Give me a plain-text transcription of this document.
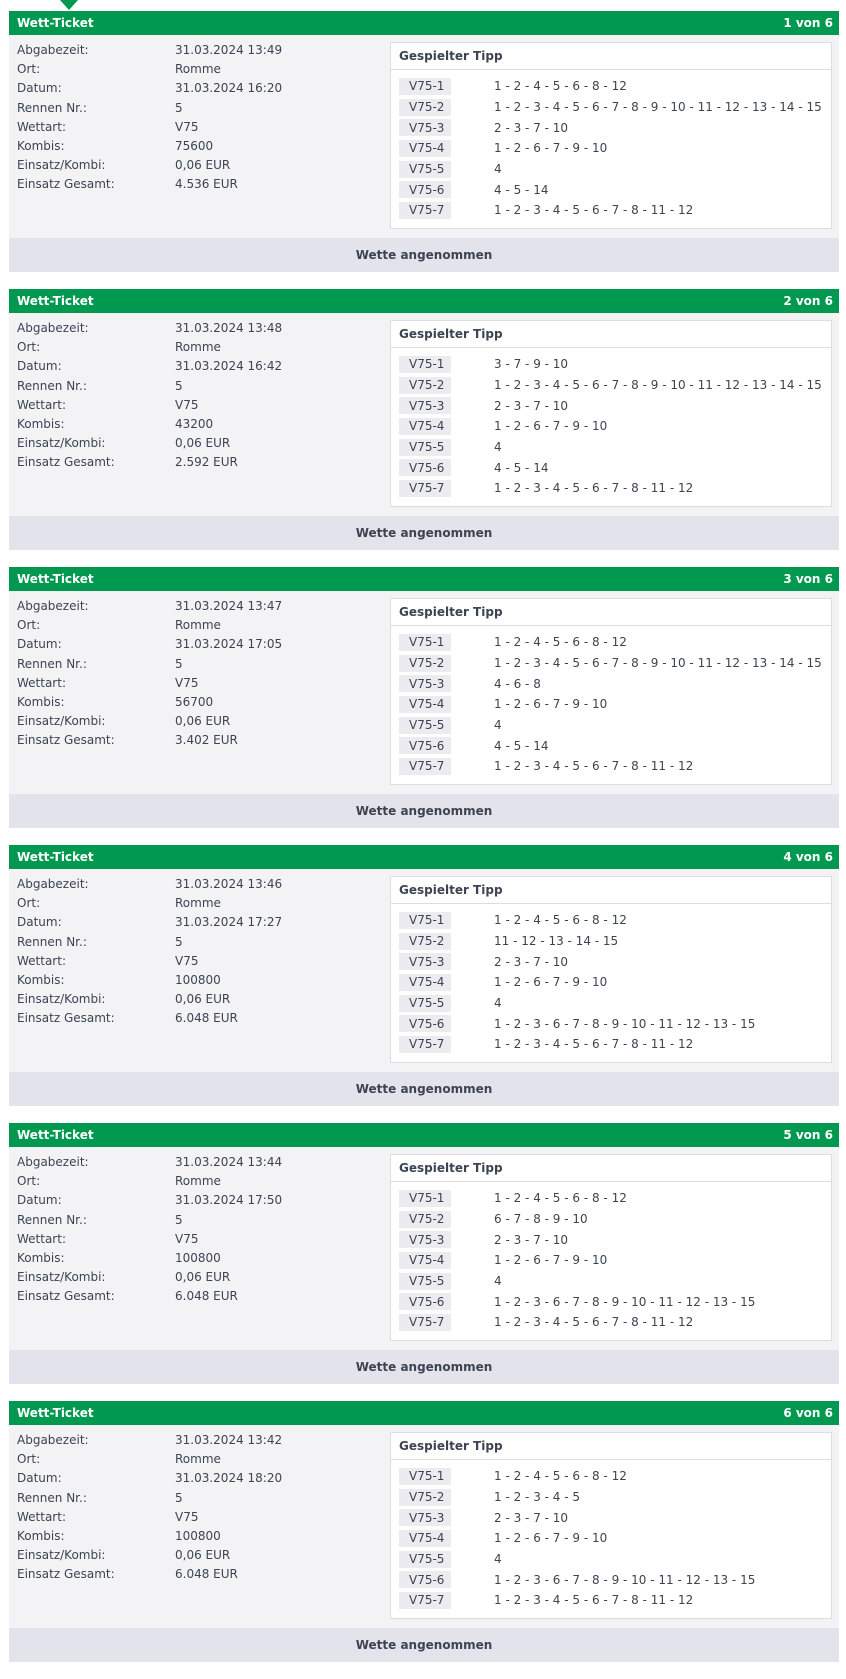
Wett-Ticket	1 von 6
Abgabezeit:	31.03.2024 13:49
Ort:	Romme
Datum:	31.03.2024 16:20
Rennen Nr.:	5
Wettart:	V75
Kombis:	75600
Einsatz/Kombi:	0,06 EUR
Einsatz Gesamt:	4.536 EUR
Gespielter Tipp
V75-1	1 - 2 - 4 - 5 - 6 - 8 - 12
V75-2	1 - 2 - 3 - 4 - 5 - 6 - 7 - 8 - 9 - 10 - 11 - 12 - 13 - 14 - 15
V75-3	2 - 3 - 7 - 10
V75-4	1 - 2 - 6 - 7 - 9 - 10
V75-5	4
V75-6	4 - 5 - 14
V75-7	1 - 2 - 3 - 4 - 5 - 6 - 7 - 8 - 11 - 12
Wette angenommen
Wett-Ticket	2 von 6
Abgabezeit:	31.03.2024 13:48
Ort:	Romme
Datum:	31.03.2024 16:42
Rennen Nr.:	5
Wettart:	V75
Kombis:	43200
Einsatz/Kombi:	0,06 EUR
Einsatz Gesamt:	2.592 EUR
Gespielter Tipp
V75-1	3 - 7 - 9 - 10
V75-2	1 - 2 - 3 - 4 - 5 - 6 - 7 - 8 - 9 - 10 - 11 - 12 - 13 - 14 - 15
V75-3	2 - 3 - 7 - 10
V75-4	1 - 2 - 6 - 7 - 9 - 10
V75-5	4
V75-6	4 - 5 - 14
V75-7	1 - 2 - 3 - 4 - 5 - 6 - 7 - 8 - 11 - 12
Wette angenommen
Wett-Ticket	3 von 6
Abgabezeit:	31.03.2024 13:47
Ort:	Romme
Datum:	31.03.2024 17:05
Rennen Nr.:	5
Wettart:	V75
Kombis:	56700
Einsatz/Kombi:	0,06 EUR
Einsatz Gesamt:	3.402 EUR
Gespielter Tipp
V75-1	1 - 2 - 4 - 5 - 6 - 8 - 12
V75-2	1 - 2 - 3 - 4 - 5 - 6 - 7 - 8 - 9 - 10 - 11 - 12 - 13 - 14 - 15
V75-3	4 - 6 - 8
V75-4	1 - 2 - 6 - 7 - 9 - 10
V75-5	4
V75-6	4 - 5 - 14
V75-7	1 - 2 - 3 - 4 - 5 - 6 - 7 - 8 - 11 - 12
Wette angenommen
Wett-Ticket	4 von 6
Abgabezeit:	31.03.2024 13:46
Ort:	Romme
Datum:	31.03.2024 17:27
Rennen Nr.:	5
Wettart:	V75
Kombis:	100800
Einsatz/Kombi:	0,06 EUR
Einsatz Gesamt:	6.048 EUR
Gespielter Tipp
V75-1	1 - 2 - 4 - 5 - 6 - 8 - 12
V75-2	11 - 12 - 13 - 14 - 15
V75-3	2 - 3 - 7 - 10
V75-4	1 - 2 - 6 - 7 - 9 - 10
V75-5	4
V75-6	1 - 2 - 3 - 6 - 7 - 8 - 9 - 10 - 11 - 12 - 13 - 15
V75-7	1 - 2 - 3 - 4 - 5 - 6 - 7 - 8 - 11 - 12
Wette angenommen
Wett-Ticket	5 von 6
Abgabezeit:	31.03.2024 13:44
Ort:	Romme
Datum:	31.03.2024 17:50
Rennen Nr.:	5
Wettart:	V75
Kombis:	100800
Einsatz/Kombi:	0,06 EUR
Einsatz Gesamt:	6.048 EUR
Gespielter Tipp
V75-1	1 - 2 - 4 - 5 - 6 - 8 - 12
V75-2	6 - 7 - 8 - 9 - 10
V75-3	2 - 3 - 7 - 10
V75-4	1 - 2 - 6 - 7 - 9 - 10
V75-5	4
V75-6	1 - 2 - 3 - 6 - 7 - 8 - 9 - 10 - 11 - 12 - 13 - 15
V75-7	1 - 2 - 3 - 4 - 5 - 6 - 7 - 8 - 11 - 12
Wette angenommen
Wett-Ticket	6 von 6
Abgabezeit:	31.03.2024 13:42
Ort:	Romme
Datum:	31.03.2024 18:20
Rennen Nr.:	5
Wettart:	V75
Kombis:	100800
Einsatz/Kombi:	0,06 EUR
Einsatz Gesamt:	6.048 EUR
Gespielter Tipp
V75-1	1 - 2 - 4 - 5 - 6 - 8 - 12
V75-2	1 - 2 - 3 - 4 - 5
V75-3	2 - 3 - 7 - 10
V75-4	1 - 2 - 6 - 7 - 9 - 10
V75-5	4
V75-6	1 - 2 - 3 - 6 - 7 - 8 - 9 - 10 - 11 - 12 - 13 - 15
V75-7	1 - 2 - 3 - 4 - 5 - 6 - 7 - 8 - 11 - 12
Wette angenommen
